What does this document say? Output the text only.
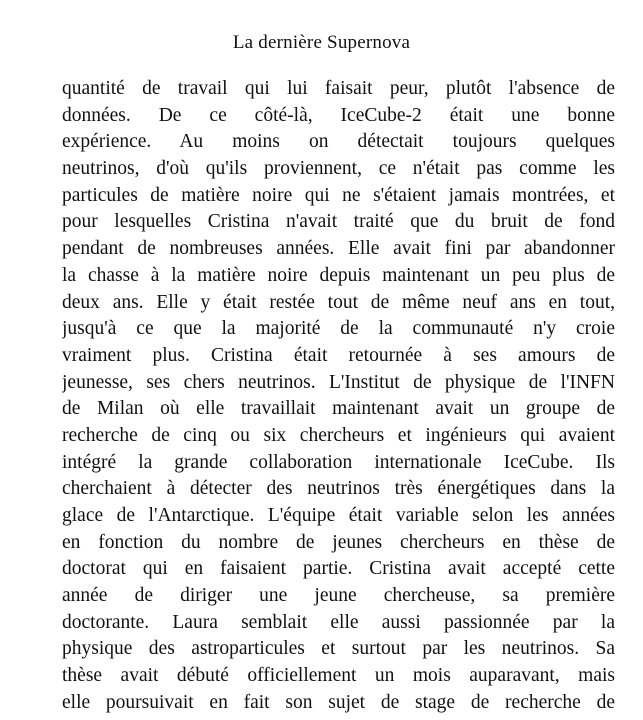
La dernière Supernova
quantité de travail qui lui faisait peur, plutôt l'absence de
données. De ce côté-là, IceCube-2 était une bonne
expérience. Au moins on détectait toujours quelques
neutrinos, d'où qu'ils proviennent, ce n'était pas comme les
particules de matière noire qui ne s'étaient jamais montrées, et
pour lesquelles Cristina n'avait traité que du bruit de fond
pendant de nombreuses années. Elle avait fini par abandonner
la chasse à la matière noire depuis maintenant un peu plus de
deux ans. Elle y était restée tout de même neuf ans en tout,
jusqu'à ce que la majorité de la communauté n'y croie
vraiment plus. Cristina était retournée à ses amours de
jeunesse, ses chers neutrinos. L'Institut de physique de l'INFN
de Milan où elle travaillait maintenant avait un groupe de
recherche de cinq ou six chercheurs et ingénieurs qui avaient
intégré la grande collaboration internationale IceCube. Ils
cherchaient à détecter des neutrinos très énergétiques dans la
glace de l'Antarctique. L'équipe était variable selon les années
en fonction du nombre de jeunes chercheurs en thèse de
doctorat qui en faisaient partie. Cristina avait accepté cette
année de diriger une jeune chercheuse, sa première
doctorante. Laura semblait elle aussi passionnée par la
physique des astroparticules et surtout par les neutrinos. Sa
thèse avait débuté officiellement un mois auparavant, mais
elle poursuivait en fait son sujet de stage de recherche de
